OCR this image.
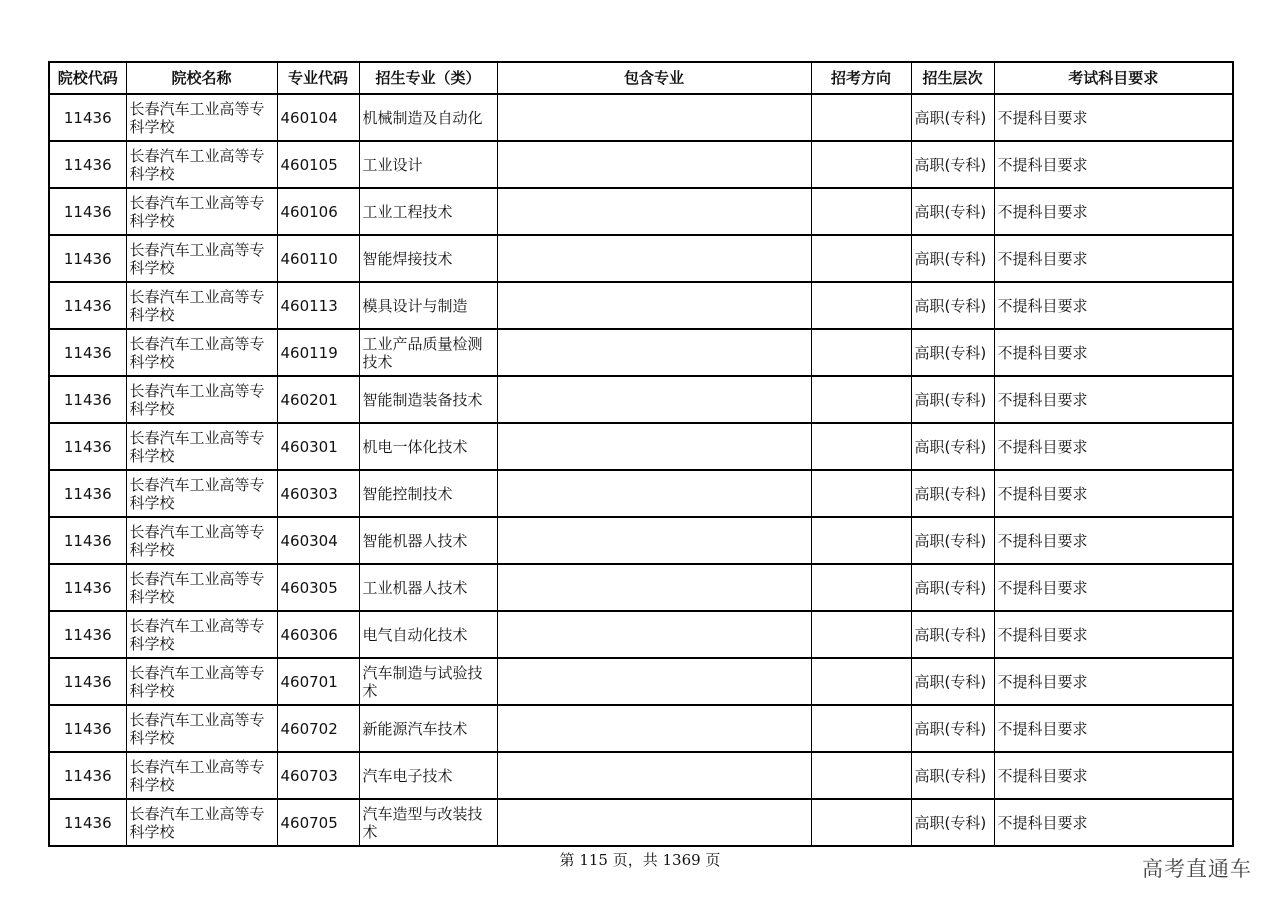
院校代码	院校名称	专业代码	招生专业（类）	包含专业	招考方向	招生层次	考试科目要求
11436	长春汽车工业高等专科学校	460104	机械制造及自动化			高职(专科)	不提科目要求
11436	长春汽车工业高等专科学校	460105	工业设计			高职(专科)	不提科目要求
11436	长春汽车工业高等专科学校	460106	工业工程技术			高职(专科)	不提科目要求
11436	长春汽车工业高等专科学校	460110	智能焊接技术			高职(专科)	不提科目要求
11436	长春汽车工业高等专科学校	460113	模具设计与制造			高职(专科)	不提科目要求
11436	长春汽车工业高等专科学校	460119	工业产品质量检测技术			高职(专科)	不提科目要求
11436	长春汽车工业高等专科学校	460201	智能制造装备技术			高职(专科)	不提科目要求
11436	长春汽车工业高等专科学校	460301	机电一体化技术			高职(专科)	不提科目要求
11436	长春汽车工业高等专科学校	460303	智能控制技术			高职(专科)	不提科目要求
11436	长春汽车工业高等专科学校	460304	智能机器人技术			高职(专科)	不提科目要求
11436	长春汽车工业高等专科学校	460305	工业机器人技术			高职(专科)	不提科目要求
11436	长春汽车工业高等专科学校	460306	电气自动化技术			高职(专科)	不提科目要求
11436	长春汽车工业高等专科学校	460701	汽车制造与试验技术			高职(专科)	不提科目要求
11436	长春汽车工业高等专科学校	460702	新能源汽车技术			高职(专科)	不提科目要求
11436	长春汽车工业高等专科学校	460703	汽车电子技术			高职(专科)	不提科目要求
11436	长春汽车工业高等专科学校	460705	汽车造型与改装技术			高职(专科)	不提科目要求
第 115 页，共 1369 页	高考直通车
